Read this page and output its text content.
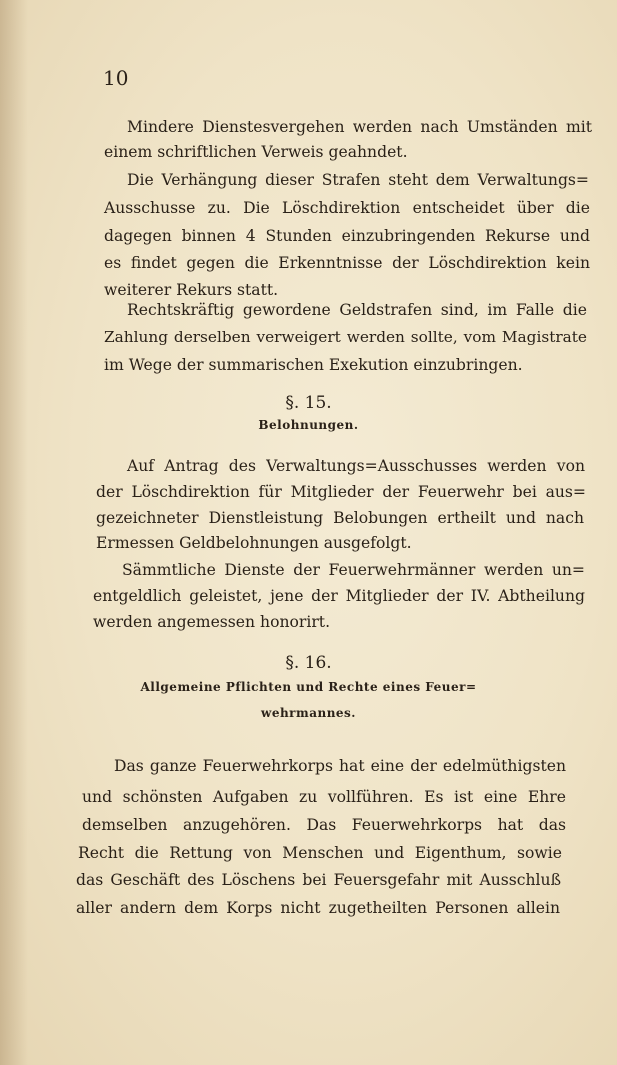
10
Mindere Dienstesvergehen werden nach Umständen mit
einem schriftlichen Verweis geahndet.
Die Verhängung dieser Strafen steht dem Verwaltungs=
Ausschusse zu. Die Löschdirektion entscheidet über die
dagegen binnen 4 Stunden einzubringenden Rekurse und
es findet gegen die Erkenntnisse der Löschdirektion kein
weiterer Rekurs statt.
Rechtskräftig gewordene Geldstrafen sind, im Falle die
Zahlung derselben verweigert werden sollte, vom Magistrate
im Wege der summarischen Exekution einzubringen.
§. 15.
Belohnungen.
Auf Antrag des Verwaltungs=Ausschusses werden von
der Löschdirektion für Mitglieder der Feuerwehr bei aus=
gezeichneter Dienstleistung Belobungen ertheilt und nach
Ermessen Geldbelohnungen ausgefolgt.
Sämmtliche Dienste der Feuerwehrmänner werden un=
entgeldlich geleistet, jene der Mitglieder der IV. Abtheilung
werden angemessen honorirt.
§. 16.
Allgemeine Pflichten und Rechte eines Feuer=
wehrmannes.
Das ganze Feuerwehrkorps hat eine der edelmüthigsten
und schönsten Aufgaben zu vollführen. Es ist eine Ehre
demselben anzugehören. Das Feuerwehrkorps hat das
Recht die Rettung von Menschen und Eigenthum, sowie
das Geschäft des Löschens bei Feuersgefahr mit Ausschluß
aller andern dem Korps nicht zugetheilten Personen allein
